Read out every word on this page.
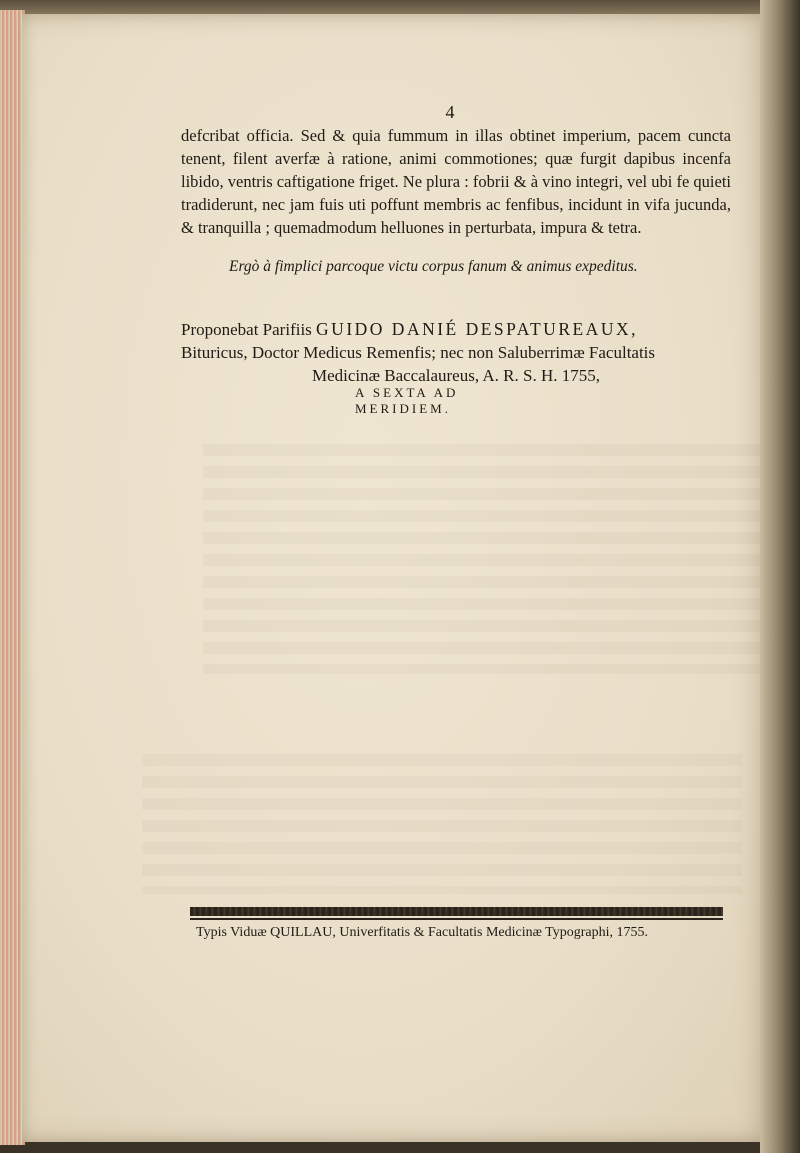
4

defcribat officia. Sed & quia fummum in illas obtinet imperium, pacem cuncta tenent, filent averfæ à ratione, animi commotiones; quæ furgit dapibus incenfa libido, ventris caftigatione friget. Ne plura : fobrii & à vino integri, vel ubi fe quieti tradiderunt, nec jam fuis uti poffunt membris ac fenfibus, incidunt in vifa jucunda, & tranquilla ; quemadmodum helluones in perturbata, impura & tetra.

Ergò à fimplici parcoque victu corpus fanum & animus expeditus.

Proponebat Parifiis GUIDO DANIÉ DESPATUREAUX,
Bituricus, Doctor Medicus Remenfis; nec non Saluberrimæ Facultatis
Medicinæ Baccalaureus, A. R. S. H. 1755,

A SEXTA AD MERIDIEM.

Typis Viduæ QUILLAU, Univerfitatis & Facultatis Medicinæ Typographi, 1755.
